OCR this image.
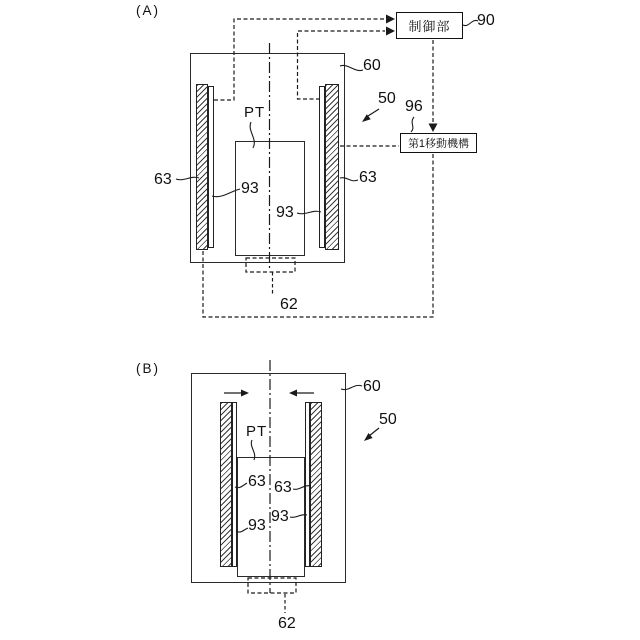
制御部
第1移動機構
(A)
90
96
60
50
PT
63	63
93
93
62
(B)
60
50
PT
63 63
93
93
62
